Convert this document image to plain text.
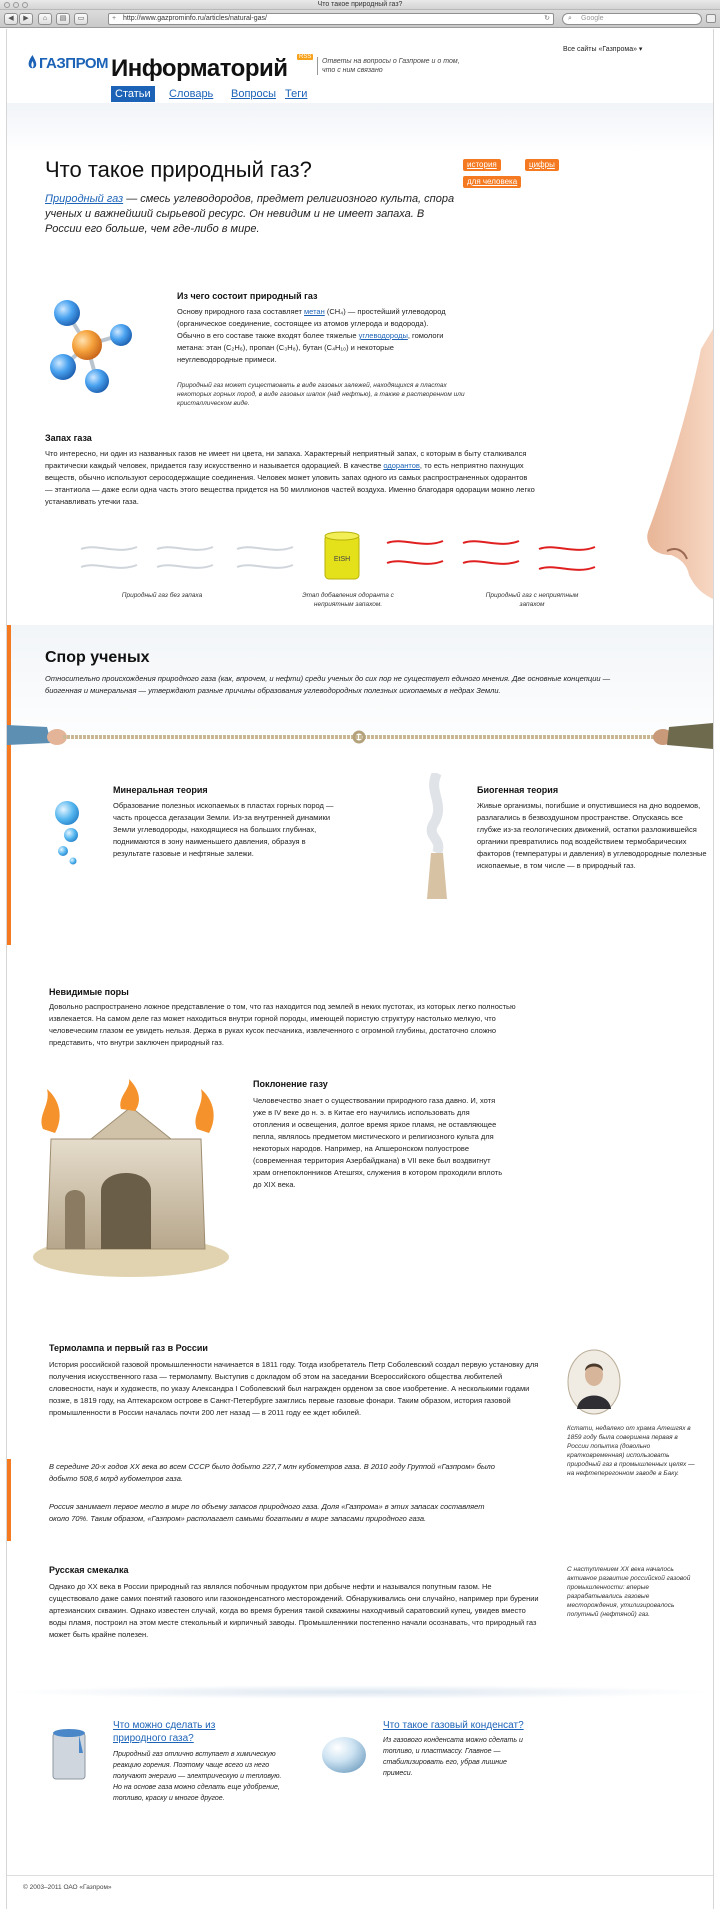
Что такое природный газ?
◀	▶	⌂	▤	▭	+ http://www.gazprominfo.ru/articles/natural-gas/	↻	⌕ Google
Все сайты «Газпрома» ▾
ГАЗПРОМ Информаторий	RSS
Ответы на вопросы о Газпроме и о том, что с ним связано
Статьи	Словарь	Вопросы Теги
Что такое природный газ?
Природный газ — смесь углеводородов, предмет религиозного культа, спора ученых и важнейший сырьевой ресурс. Он невидим и не имеет запаха. В России его больше, чем где-либо в мире.
история	цифры
для человека
Из чего состоит природный газ
Основу природного газа составляет метан (CH₄) — простейший углеводород (органическое соединение, состоящее из атомов углерода и водорода). Обычно в его составе также входят более тяжелые углеводороды, гомологи метана: этан (C₂H₆), пропан (C₃H₈), бутан (C₄H₁₀) и некоторые неуглеводородные примеси.
Природный газ может существовать в виде газовых залежей, находящихся в пластах некоторых горных пород, в виде газовых шапок (над нефтью), а также в растворенном или кристаллическом виде.
Запах газа
Что интересно, ни один из названных газов не имеет ни цвета, ни запаха. Характерный неприятный запах, с которым в быту сталкивался практически каждый человек, придается газу искусственно и называется одорацией. В качестве одорантов, то есть неприятно пахнущих веществ, обычно используют серосодержащие соединения. Человек может уловить запах одного из самых распространенных одорантов — этантиола — даже если одна часть этого вещества придется на 50 миллионов частей воздуха. Именно благодаря одорации можно легко устанавливать утечки газа.
EtSH
Природный газ без запаха	Этап добавления одоранта с неприятным запахом.
Природный газ с неприятным запахом
Спор ученых
Относительно происхождения природного газа (как, впрочем, и нефти) среди ученых до сих пор не существует единого мнения. Две основные концепции — биогенная и минеральная — утверждают разные причины образования углеводородных полезных ископаемых в недрах Земли.
Минеральная теория
Образование полезных ископаемых в пластах горных пород — часть процесса дегазации Земли. Из-за внутренней динамики Земли углеводороды, находящиеся на больших глубинах, поднимаются в зону наименьшего давления, образуя в результате газовые и нефтяные залежи.
Биогенная теория
Живые организмы, погибшие и опустившиеся на дно водоемов, разлагались в безвоздушном пространстве. Опускаясь все глубже из-за геологических движений, остатки разложившейся органики превратились под воздействием термобарических факторов (температуры и давления) в углеводородные полезные ископаемые, в том числе — в природный газ.
Невидимые поры
Довольно распространено ложное представление о том, что газ находится под землей в неких пустотах, из которых легко полностью извлекается. На самом деле газ может находиться внутри горной породы, имеющей пористую структуру настолько мелкую, что человеческим глазом ее увидеть нельзя. Держа в руках кусок песчаника, извлеченного с огромной глубины, достаточно сложно представить, что внутри заключен природный газ.
Поклонение газу
Человечество знает о существовании природного газа давно. И, хотя уже в IV веке до н. э. в Китае его научились использовать для отопления и освещения, долгое время яркое пламя, не оставляющее пепла, являлось предметом мистического и религиозного культа для некоторых народов. Например, на Апшеронском полуострове (современная территория Азербайджана) в VII веке был воздвигнут храм огнепоклонников Атешгях, служения в котором проходили вплоть до XIX века.
Термолампа и первый газ в России
История российской газовой промышленности начинается в 1811 году. Тогда изобретатель Петр Соболевский создал первую установку для получения искусственного газа — термолампу. Выступив с докладом об этом на заседании Всероссийского общества любителей словесности, наук и художеств, по указу Александра I Соболевский был награжден орденом за свое изобретение. А несколькими годами позже, в 1819 году, на Аптекарском острове в Санкт-Петербурге зажглись первые газовые фонари. Таким образом, история газовой промышленности в России началась почти 200 лет назад — в 2011 году ее ждет юбилей.
В середине 20-х годов XX века во всем СССР было добыто 227,7 млн кубометров газа. В 2010 году Группой «Газпром» было добыто 508,6 млрд кубометров газа.
Россия занимает первое место в мире по объему запасов природного газа. Доля «Газпрома» в этих запасах составляет около 70%. Таким образом, «Газпром» располагает самыми богатыми в мире запасами природного газа.
Кстати, недалеко от храма Атешгях в 1859 году была совершена первая в России попытка (довольно кратковременная) использовать природный газ в промышленных целях — на нефтеперегонном заводе в Баку.
Русская смекалка
Однако до XX века в России природный газ являлся побочным продуктом при добыче нефти и назывался попутным газом. Не существовало даже самих понятий газового или газоконденсатного месторождений. Обнаруживались они случайно, например при бурении артезианских скважин. Однако известен случай, когда во время бурения такой скважины находчивый саратовский купец, увидев вместо воды пламя, построил на этом месте стекольный и кирпичный заводы. Промышленники постепенно начали осознавать, что природный газ может быть крайне полезен.
С наступлением XX века началось активное развитие российской газовой промышленности: вперые разрабатывались газовые месторождения, утилизировалось попутный (нефтяной) газ.
Что можно сделать из природного газа?
Природный газ отлично вступает в химическую реакцию горения. Поэтому чаще всего из него получают энергию — электрическую и тепловую. Но на основе газа можно сделать еще удобрение, топливо, краску и многое другое.
Что такое газовый конденсат?
Из газового конденсата можно сделать и топливо, и пластмассу. Главное — стабилизировать его, убрав лишние примеси.
© 2003–2011 ОАО «Газпром»
